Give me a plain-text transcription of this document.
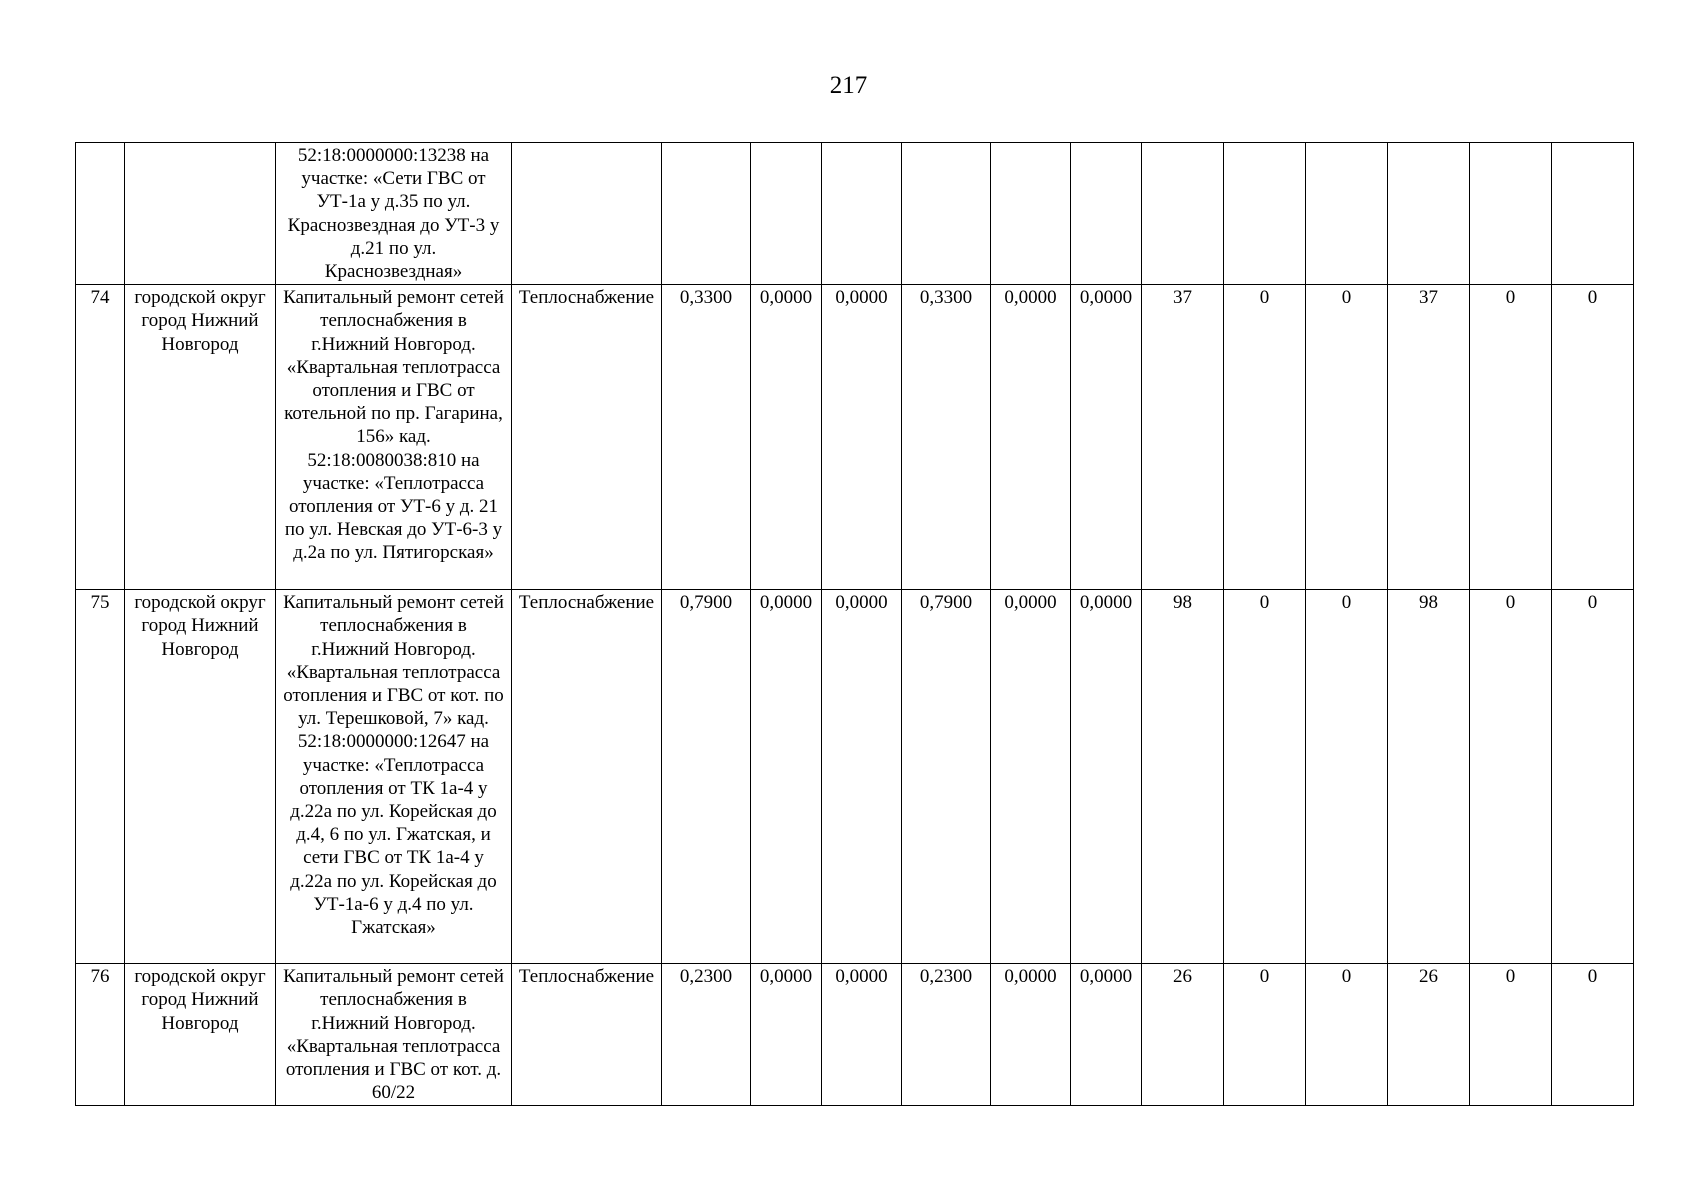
217
		52:18:0000000:13238 на участке: «Сети ГВС от УТ-1а у д.35 по ул. Краснозвездная до УТ-3 у д.21 по ул. Краснозвездная»													
74	городской округ город Нижний Новгород	Капитальный ремонт сетей теплоснабжения в г.Нижний Новгород. «Квартальная теплотрасса отопления и ГВС от котельной по пр. Гагарина, 156» кад. 52:18:0080038:810 на участке: «Теплотрасса отопления от УТ-6 у д. 21 по ул. Невская до УТ-6-3 у д.2а по ул. Пятигорская»	Теплоснабжение	0,3300	0,0000	0,0000	0,3300	0,0000	0,0000	37	0	0	37	0	0
75	городской округ город Нижний Новгород	Капитальный ремонт сетей теплоснабжения в г.Нижний Новгород. «Квартальная теплотрасса отопления и ГВС от кот. по ул. Терешковой, 7» кад. 52:18:0000000:12647 на участке: «Теплотрасса отопления от ТК 1а-4 у д.22а по ул. Корейская до д.4, 6 по ул. Гжатская, и сети ГВС от ТК 1а-4 у д.22а по ул. Корейская до УТ-1а-6 у д.4 по ул. Гжатская»	Теплоснабжение	0,7900	0,0000	0,0000	0,7900	0,0000	0,0000	98	0	0	98	0	0
76	городской округ город Нижний Новгород	Капитальный ремонт сетей теплоснабжения в г.Нижний Новгород. «Квартальная теплотрасса отопления и ГВС от кот. д. 60/22	Теплоснабжение	0,2300	0,0000	0,0000	0,2300	0,0000	0,0000	26	0	0	26	0	0
